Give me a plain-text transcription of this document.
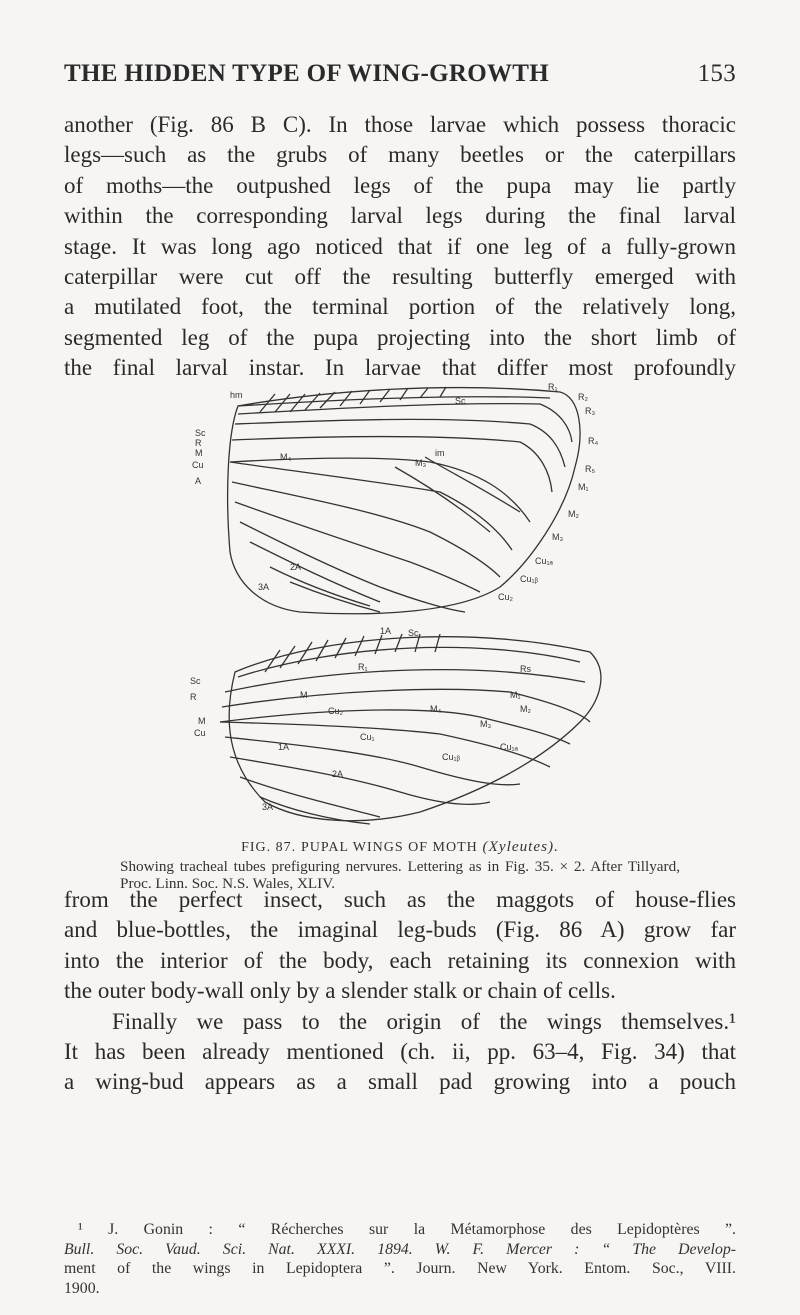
THE HIDDEN TYPE OF WING-GROWTH	153
another (Fig. 86 B C). In those larvae which possess thoracic
legs—such as the grubs of many beetles or the caterpillars
of moths—the outpushed legs of the pupa may lie partly
within the corresponding larval legs during the final larval
stage. It was long ago noticed that if one leg of a fully-grown
caterpillar were cut off the resulting butterfly emerged with
a mutilated foot, the terminal portion of the relatively long,
segmented leg of the pupa projecting into the short limb of
the final larval instar. In larvae that differ most profoundly
hm
Sc
R
M
Cu
A
Sc
R₁
R₂
R₃
R₄
R₅
M₁
M₂
M₃
M₄
M₃
im
Cu₁ₐ
Cu₁ᵦ
Cu₂
2A
3A
1A Sc
R₁	Rs
Sc
R
M
Cu
M
Cu₂
M₁
M₂
M₃
M₄
Cu₁
Cu₁ₐ
Cu₁ᵦ
1A
2A
3A
FIG. 87. PUPAL WINGS OF MOTH (Xyleutes).
Showing tracheal tubes prefiguring nervures. Lettering as in Fig. 35. × 2. After Tillyard, Proc. Linn. Soc. N.S. Wales, XLIV.
from the perfect insect, such as the maggots of house-flies
and blue-bottles, the imaginal leg-buds (Fig. 86 A) grow far
into the interior of the body, each retaining its connexion with
the outer body-wall only by a slender stalk or chain of cells.
Finally we pass to the origin of the wings themselves.¹
It has been already mentioned (ch. ii, pp. 63–4, Fig. 34) that
a wing-bud appears as a small pad growing into a pouch
¹ J. Gonin : “ Récherches sur la Métamorphose des Lepidoptères ”.
Bull. Soc. Vaud. Sci. Nat. XXXI. 1894. W. F. Mercer : “ The Develop-
ment of the wings in Lepidoptera ”. Journ. New York. Entom. Soc., VIII.
1900.
